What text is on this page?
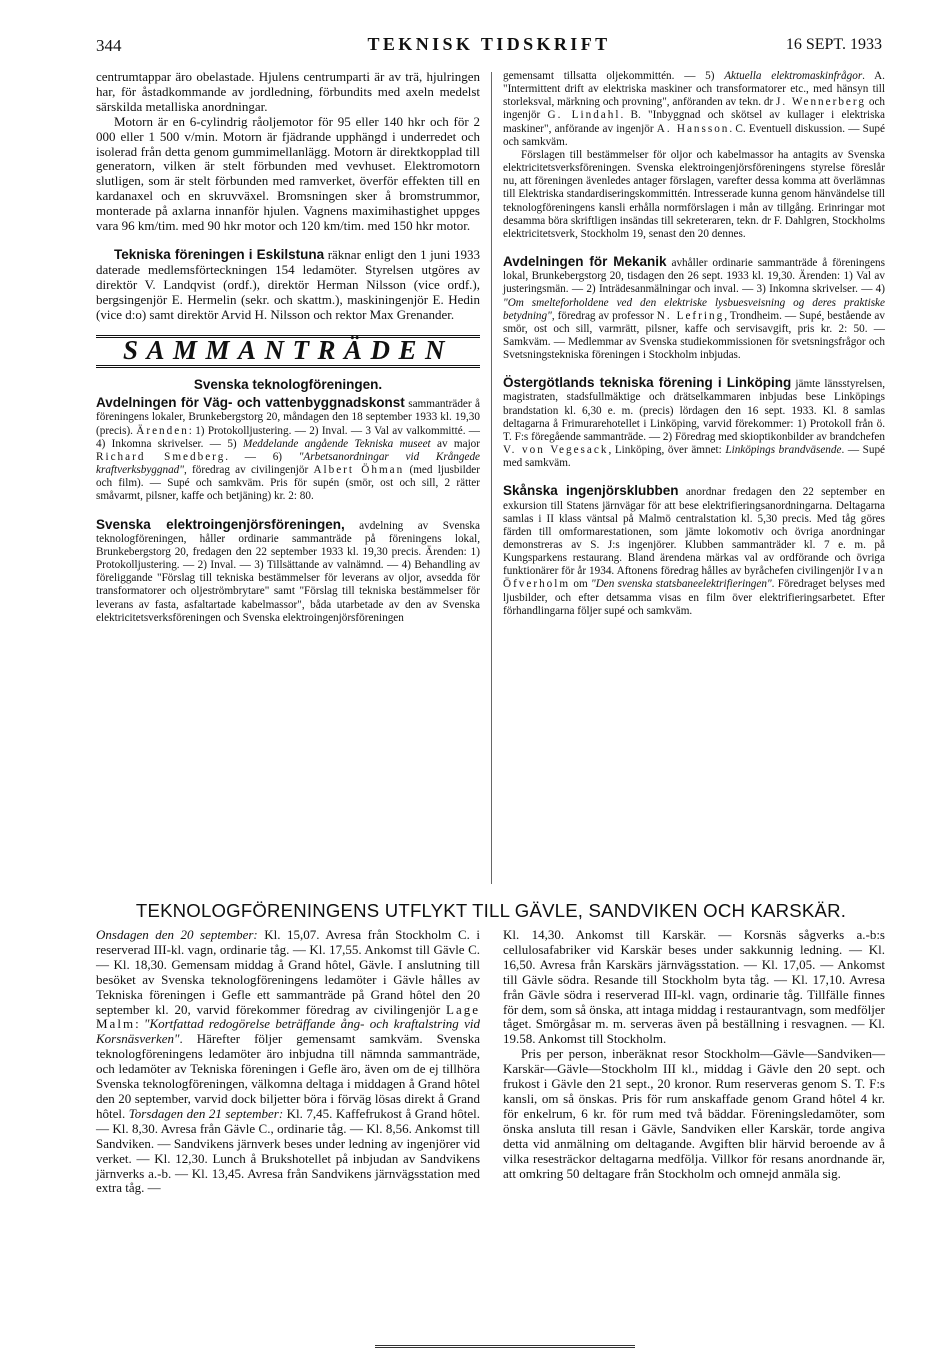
344	TEKNISK TIDSKRIFT	16 SEPT. 1933

centrumtappar äro obelastade. Hjulens centrumparti är av trä, hjulringen har, för åstadkommande av jordledning, förbundits med axeln medelst särskilda metalliska anordningar.

Motorn är en 6-cylindrig råoljemotor för 95 eller 140 hkr och för 2 000 eller 1 500 v/min. Motorn är fjädrande upphängd i underredet och isolerad från detta genom gummimellanlägg. Motorn är direktkopplad till generatorn, vilken är stelt förbunden med vevhuset. Elektromotorn slutligen, som är stelt förbunden med ramverket, överför effekten till en kardanaxel och en skruvväxel. Bromsningen sker å bromstrummor, monterade på axlarna innanför hjulen. Vagnens maximihastighet uppges vara 96 km/tim. med 90 hkr motor och 120 km/tim. med 150 hkr motor.

Tekniska föreningen i Eskilstuna räknar enligt den 1 juni 1933 daterade medlemsförteckningen 154 ledamöter. Styrelsen utgöres av direktör V. Landqvist (ordf.), direktör Herman Nilsson (vice ordf.), bergsingenjör E. Hermelin (sekr. och skattm.), maskiningenjör E. Hedin (vice d:o) samt direktör Arvid H. Nilsson och rektor Max Grenander.

SAMMANTRÄDEN
Svenska teknologföreningen.

Avdelningen för Väg- och vattenbyggnadskonst sammanträder å föreningens lokaler, Brunkebergstorg 20, måndagen den 18 september 1933 kl. 19,30 (precis). Ärenden: 1) Protokolljustering. — 2) Inval. — 3 Val av valkommitté. — 4) Inkomna skrivelser. — 5) Meddelande angående Tekniska museet av major Richard Smedberg. — 6) "Arbetsanordningar vid Krångede kraftverksbyggnad", föredrag av civilingenjör Albert Öhman (med ljusbilder och film). — Supé och samkväm. Pris för supén (smör, ost och sill, 2 rätter småvarmt, pilsner, kaffe och betjäning) kr. 2: 80.

Svenska elektroingenjörsföreningen, avdelning av Svenska teknologföreningen, håller ordinarie sammanträde på föreningens lokal, Brunkebergstorg 20, fredagen den 22 september 1933 kl. 19,30 precis. Ärenden: 1) Protokolljustering. — 2) Inval. — 3) Tillsättande av valnämnd. — 4) Behandling av föreliggande "Förslag till tekniska bestämmelser för leverans av oljor, avsedda för transformatorer och oljeströmbrytare" samt "Förslag till tekniska bestämmelser för leverans av fasta, asfaltartade kabelmassor", båda utarbetade av den av Svenska elektricitetsverksföreningen och Svenska elektroingenjörsföreningen

gemensamt tillsatta oljekommittén. — 5) Aktuella elektromaskinfrågor. A. "Intermittent drift av elektriska maskiner och transformatorer etc., med hänsyn till storleksval, märkning och provning", anföranden av tekn. dr J. Wennerberg och ingenjör G. Lindahl. B. "Inbyggnad och skötsel av kullager i elektriska maskiner", anförande av ingenjör A. Hansson. C. Eventuell diskussion. — Supé och samkväm.

Förslagen till bestämmelser för oljor och kabelmassor ha antagits av Svenska elektricitetsverksföreningen. Svenska elektroingenjörsföreningens styrelse föreslår nu, att föreningen ävenledes antager förslagen, varefter dessa komma att överlämnas till Elektriska standardiseringskommittén. Intresserade kunna genom hänvändelse till teknologföreningens kansli erhålla normförslagen i mån av tillgång. Erinringar mot desamma böra skriftligen insändas till sekreteraren, tekn. dr F. Dahlgren, Stockholms elektricitetsverk, Stockholm 19, senast den 20 dennes.

Avdelningen för Mekanik avhåller ordinarie sammanträde å föreningens lokal, Brunkebergstorg 20, tisdagen den 26 sept. 1933 kl. 19,30. Ärenden: 1) Val av justeringsmän. — 2) Inträdesanmälningar och inval. — 3) Inkomna skrivelser. — 4) "Om smelteforholdene ved den elektriske lysbuesveisning og deres praktiske betydning", föredrag av professor N. Lefring, Trondheim. — Supé, bestående av smör, ost och sill, varmrätt, pilsner, kaffe och servisavgift, pris kr. 2: 50. — Samkväm. — Medlemmar av Svenska studiekommissionen för svetsningsfrågor och Svetsningstekniska föreningen i Stockholm inbjudas.

Östergötlands tekniska förening i Linköping jämte länsstyrelsen, magistraten, stadsfullmäktige och drätselkammaren inbjudas bese Linköpings brandstation kl. 6,30 e. m. (precis) lördagen den 16 sept. 1933. Kl. 8 samlas deltagarna å Frimurarehotellet i Linköping, varvid förekommer: 1) Protokoll från ö. T. F:s föregående sammanträde. — 2) Föredrag med skioptikonbilder av brandchefen V. von Vegesack, Linköping, över ämnet: Linköpings brandväsende. — Supé med samkväm.

Skånska ingenjörsklubben anordnar fredagen den 22 september en exkursion till Statens järnvägar för att bese elektrifieringsanordningarna. Deltagarna samlas i II klass väntsal på Malmö centralstation kl. 5,30 precis. Med tåg göres färden till omformarestationen, som jämte lokomotiv och övriga anordningar demonstreras av S. J:s ingenjörer. Klubben sammanträder kl. 7 e. m. på Kungsparkens restaurang. Bland ärendena märkas val av ordförande och övriga funktionärer för år 1934. Aftonens föredrag hålles av byråchefen civilingenjör Ivan Öfverholm om "Den svenska statsbaneelektrifieringen". Föredraget belyses med ljusbilder, och efter detsamma visas en film över elektrifieringsarbetet. Efter förhandlingarna följer supé och samkväm.

TEKNOLOGFÖRENINGENS UTFLYKT TILL GÄVLE, SANDVIKEN OCH KARSKÄR.

Onsdagen den 20 september: Kl. 15,07. Avresa från Stockholm C. i reserverad III-kl. vagn, ordinarie tåg. — Kl. 17,55. Ankomst till Gävle C. — Kl. 18,30. Gemensam middag å Grand hôtel, Gävle. I anslutning till besöket av Svenska teknologföreningens ledamöter i Gävle hålles av Tekniska föreningen i Gefle ett sammanträde på Grand hôtel den 20 september kl. 20, varvid förekommer föredrag av civilingenjör Lage Malm: "Kortfattad redogörelse beträffande ång- och kraftalstring vid Korsnäsverken". Härefter följer gemensamt samkväm. Svenska teknologföreningens ledamöter äro inbjudna till nämnda sammanträde, och ledamöter av Tekniska föreningen i Gefle äro, även om de ej tillhöra Svenska teknologföreningen, välkomna deltaga i middagen å Grand hôtel den 20 september, varvid dock biljetter böra i förväg lösas direkt å Grand hôtel. Torsdagen den 21 september: Kl. 7,45. Kaffefrukost å Grand hôtel. — Kl. 8,30. Avresa från Gävle C., ordinarie tåg. — Kl. 8,56. Ankomst till Sandviken. — Sandvikens järnverk beses under ledning av ingenjörer vid verket. — Kl. 12,30. Lunch å Brukshotellet på inbjudan av Sandvikens järnverks a.-b. — Kl. 13,45. Avresa från Sandvikens järnvägsstation med extra tåg. —

Kl. 14,30. Ankomst till Karskär. — Korsnäs sågverks a.-b:s cellulosafabriker vid Karskär beses under sakkunnig ledning. — Kl. 16,50. Avresa från Karskärs järnvägsstation. — Kl. 17,05. — Ankomst till Gävle södra. Resande till Stockholm byta tåg. — Kl. 17,10. Avresa från Gävle södra i reserverad III-kl. vagn, ordinarie tåg. Tillfälle finnes för dem, som så önska, att intaga middag i restaurantvagn, som medföljer tåget. Smörgåsar m. m. serveras även på beställning i resvagnen. — Kl. 19.58. Ankomst till Stockholm.

Pris per person, inberäknat resor Stockholm—Gävle—Sandviken—Karskär—Gävle—Stockholm III kl., middag i Gävle den 20 sept. och frukost i Gävle den 21 sept., 20 kronor. Rum reserveras genom S. T. F:s kansli, om så önskas. Pris för rum anskaffade genom Grand hôtel 4 kr. för enkelrum, 6 kr. för rum med två bäddar. Föreningsledamöter, som önska ansluta till resan i Gävle, Sandviken eller Karskär, torde angiva detta vid anmälning om deltagande. Avgiften blir härvid beroende av å vilka resesträckor deltagarna medfölja. Villkor för resans anordnande är, att omkring 50 deltagare från Stockholm och omnejd anmäla sig.
